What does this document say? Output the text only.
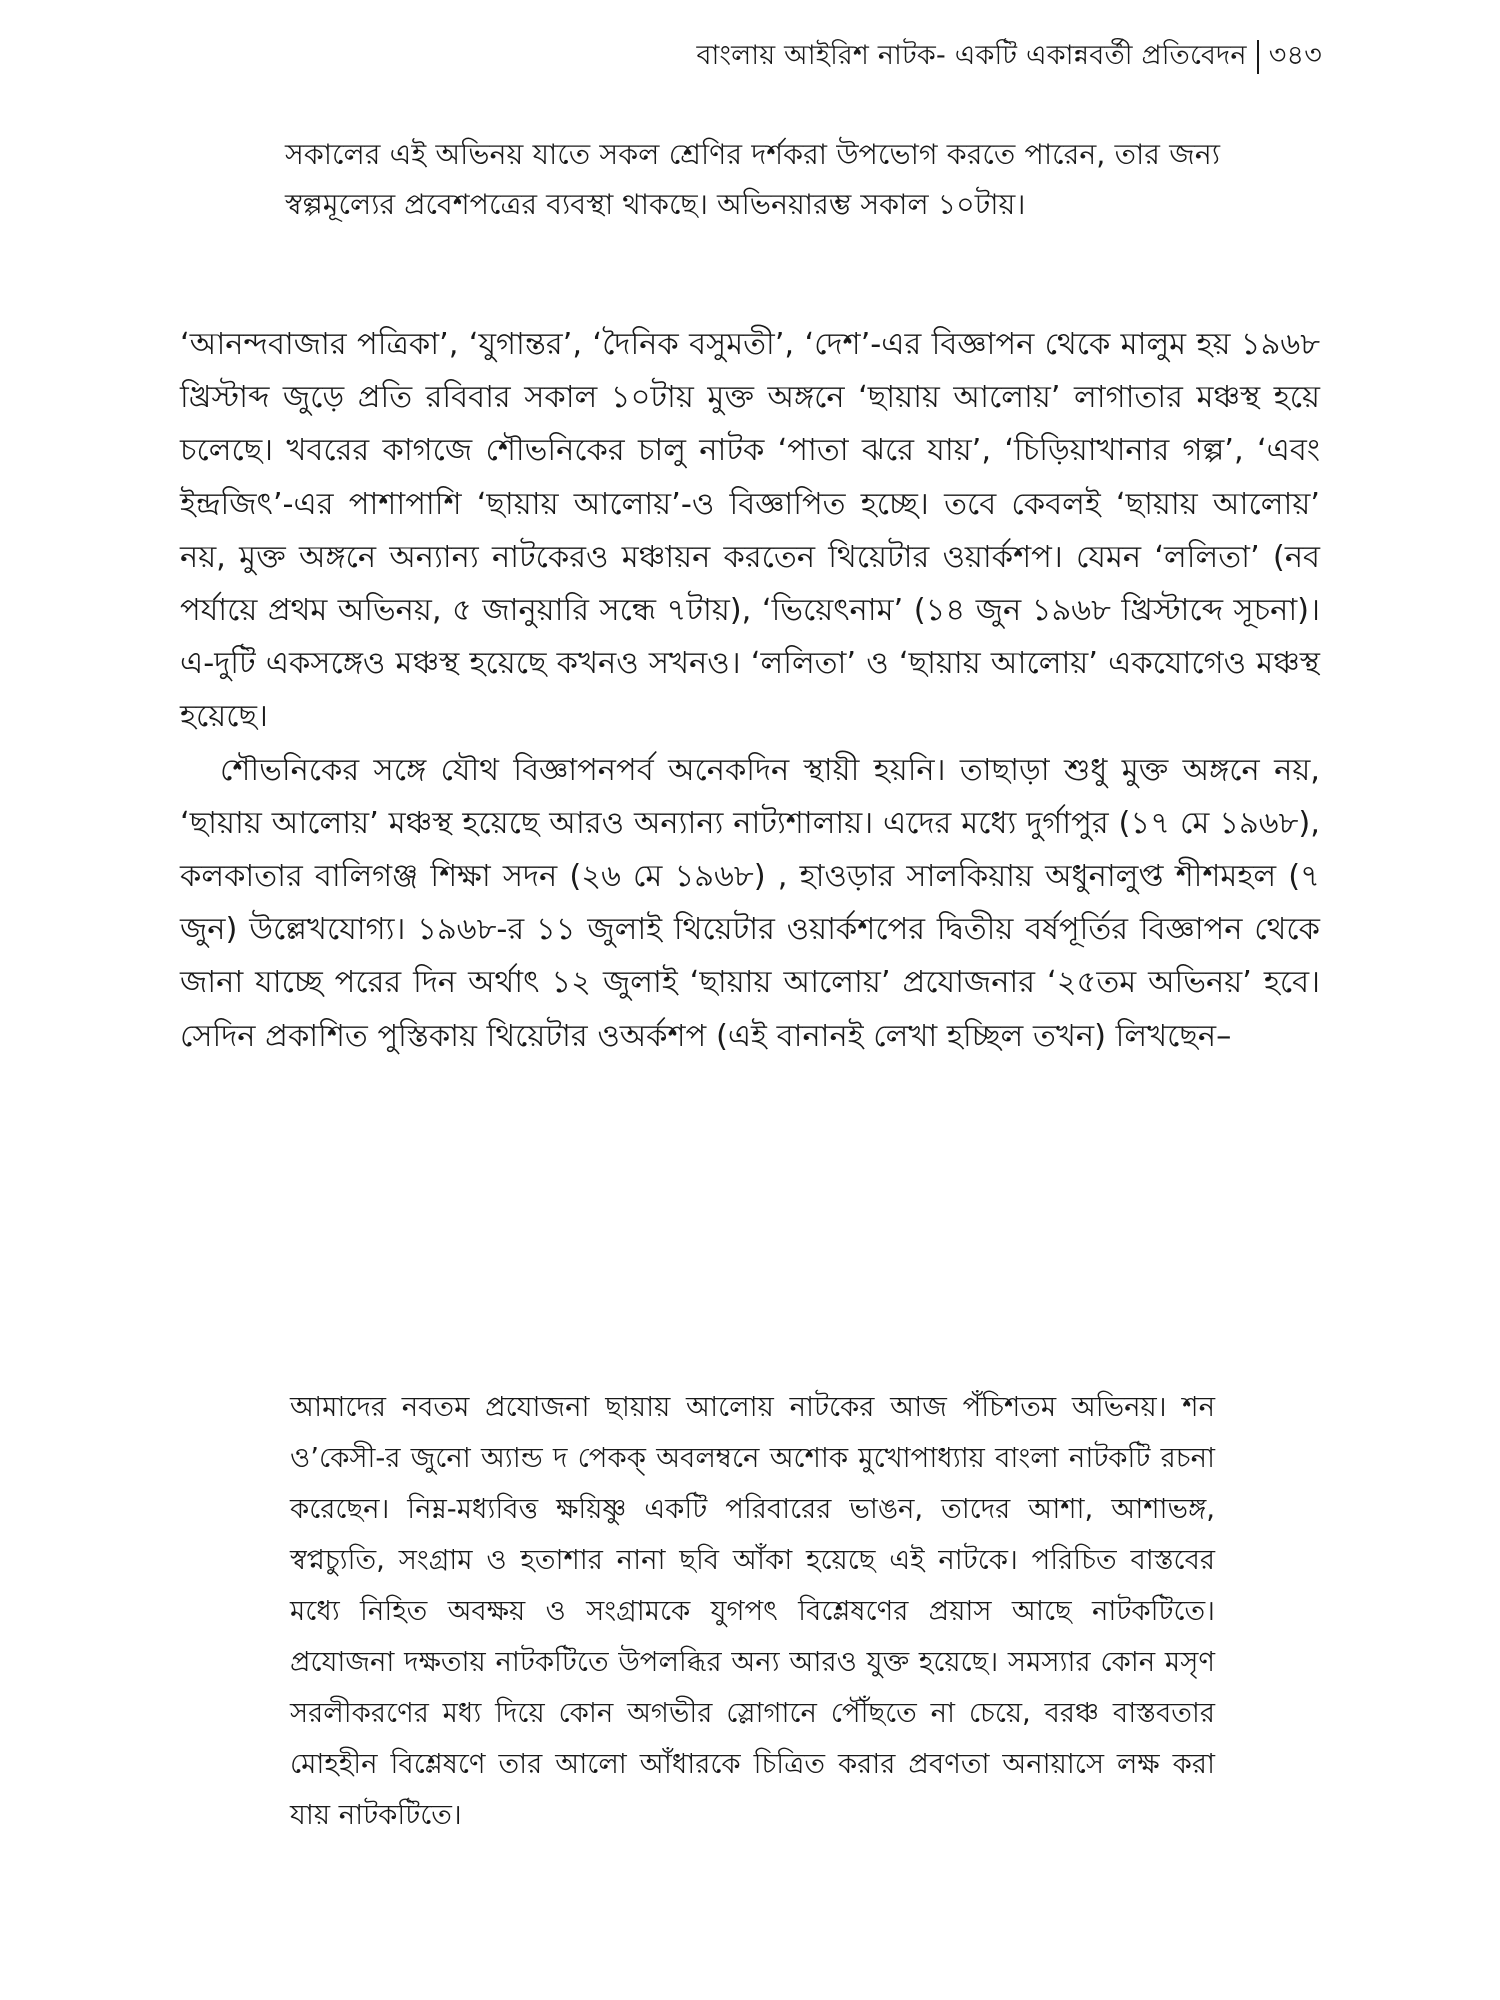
বাংলায় আইরিশ নাটক- একটি একান্নবর্তী প্রতিবেদন ৩৪৩
সকালের এই অভিনয় যাতে সকল শ্রেণির দর্শকরা উপভোগ করতে পারেন, তার জন্য স্বল্পমূল্যের প্রবেশপত্রের ব্যবস্থা থাকছে। অভিনয়ারম্ভ সকাল ১০টায়।

‘আনন্দবাজার পত্রিকা’, ‘যুগান্তর’, ‘দৈনিক বসুমতী’, ‘দেশ’-এর বিজ্ঞাপন থেকে মালুম হয় ১৯৬৮ খ্রিস্টাব্দ জুড়ে প্রতি রবিবার সকাল ১০টায় মুক্ত অঙ্গনে ‘ছায়ায় আলোয়’ লাগাতার মঞ্চস্থ হয়ে চলেছে। খবরের কাগজে শৌভনিকের চালু নাটক ‘পাতা ঝরে যায়’, ‘চিড়িয়াখানার গল্প’, ‘এবং ইন্দ্রজিৎ’-এর পাশাপাশি ‘ছায়ায় আলোয়’-ও বিজ্ঞাপিত হচ্ছে। তবে কেবলই ‘ছায়ায় আলোয়’ নয়, মুক্ত অঙ্গনে অন্যান্য নাটকেরও মঞ্চায়ন করতেন থিয়েটার ওয়ার্কশপ। যেমন ‘ললিতা’ (নব পর্যায়ে প্রথম অভিনয়, ৫ জানুয়ারি সন্ধে ৭টায়), ‘ভিয়েৎনাম’ (১৪ জুন ১৯৬৮ খ্রিস্টাব্দে সূচনা)। এ-দুটি একসঙ্গেও মঞ্চস্থ হয়েছে কখনও সখনও। ‘ললিতা’ ও ‘ছায়ায় আলোয়’ একযোগেও মঞ্চস্থ হয়েছে।

শৌভনিকের সঙ্গে যৌথ বিজ্ঞাপনপর্ব অনেকদিন স্থায়ী হয়নি। তাছাড়া শুধু মুক্ত অঙ্গনে নয়, ‘ছায়ায় আলোয়’ মঞ্চস্থ হয়েছে আরও অন্যান্য নাট্যশালায়। এদের মধ্যে দুর্গাপুর (১৭ মে ১৯৬৮), কলকাতার বালিগঞ্জ শিক্ষা সদন (২৬ মে ১৯৬৮) , হাওড়ার সালকিয়ায় অধুনালুপ্ত শীশমহল (৭ জুন) উল্লেখযোগ্য। ১৯৬৮-র ১১ জুলাই থিয়েটার ওয়ার্কশপের দ্বিতীয় বর্ষপূর্তির বিজ্ঞাপন থেকে জানা যাচ্ছে পরের দিন অর্থাৎ ১২ জুলাই ‘ছায়ায় আলোয়’ প্রযোজনার ‘২৫তম অভিনয়’ হবে। সেদিন প্রকাশিত পুস্তিকায় থিয়েটার ওঅর্কশপ (এই বানানই লেখা হচ্ছিল তখন) লিখছেন–

আমাদের নবতম প্রযোজনা ছায়ায় আলোয় নাটকের আজ পঁচিশতম অভিনয়। শন ও’কেসী-র জুনো অ্যান্ড দ পেকক্ অবলম্বনে অশোক মুখোপাধ্যায় বাংলা নাটকটি রচনা করেছেন। নিম্ন-মধ্যবিত্ত ক্ষয়িষ্ণু একটি পরিবারের ভাঙন, তাদের আশা, আশাভঙ্গ, স্বপ্নচ্যুতি, সংগ্রাম ও হতাশার নানা ছবি আঁকা হয়েছে এই নাটকে। পরিচিত বাস্তবের মধ্যে নিহিত অবক্ষয় ও সংগ্রামকে যুগপৎ বিশ্লেষণের প্রয়াস আছে নাটকটিতে। প্রযোজনা দক্ষতায় নাটকটিতে উপলব্ধির অন্য আরও যুক্ত হয়েছে। সমস্যার কোন মসৃণ সরলীকরণের মধ্য দিয়ে কোন অগভীর স্লোগানে পৌঁছতে না চেয়ে, বরঞ্চ বাস্তবতার মোহহীন বিশ্লেষণে তার আলো আঁধারকে চিত্রিত করার প্রবণতা অনায়াসে লক্ষ করা যায় নাটকটিতে।
